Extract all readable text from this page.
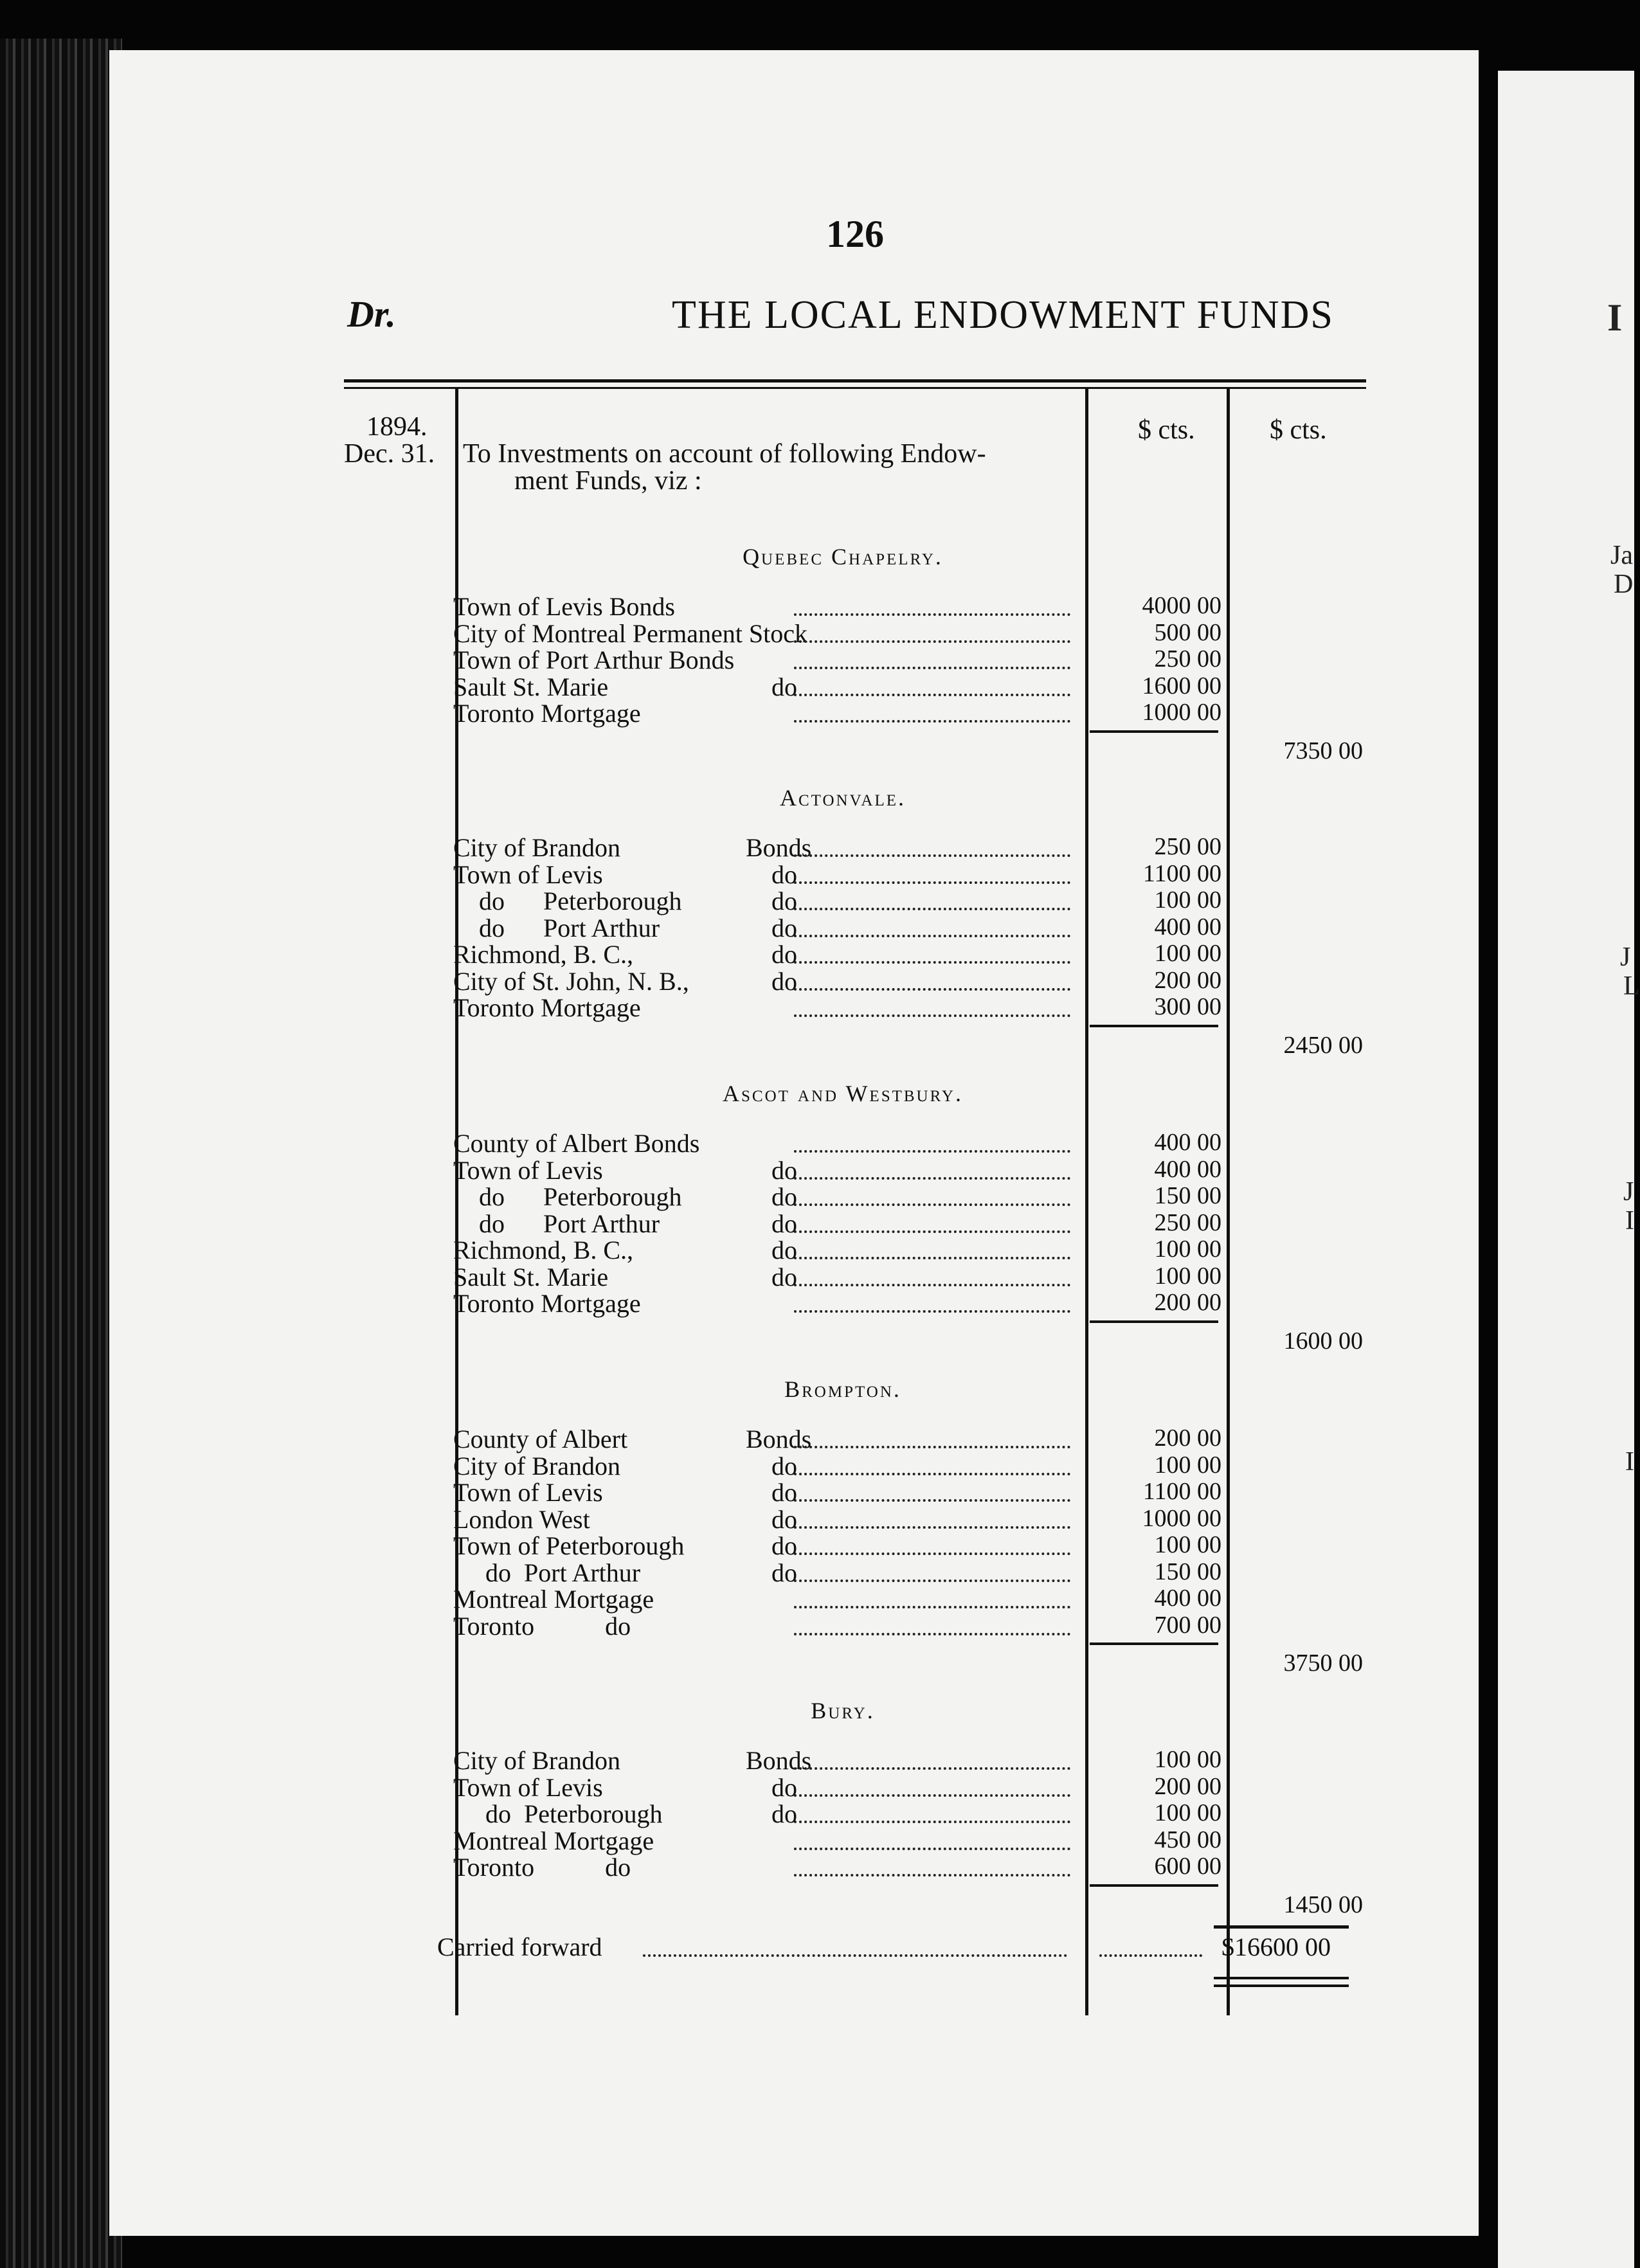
I
Ja
D
J
L
J
I
I
126
Dr.	THE LOCAL ENDOWMENT FUNDS
1894.
Dec. 31. To Investments on account of following Endow-
ment Funds, viz :
$ cts.	$ cts.
Quebec Chapelry.
Town of Levis Bonds	4000 00
City of Montreal Permanent Stock	500 00
Town of Port Arthur Bonds	250 00
Sault St. Marie	do	1600 00
Toronto Mortgage	1000 00
7350 00
Actonvale.
City of Brandon	Bonds	250 00
Town of Levis	do	1100 00
do      Peterborough	do	100 00
do      Port Arthur	do	400 00
Richmond, B. C.,	do	100 00
City of St. John, N. B.,	do	200 00
Toronto Mortgage	300 00
2450 00
Ascot and Westbury.
County of Albert Bonds	400 00
Town of Levis	do	400 00
do      Peterborough	do	150 00
do      Port Arthur	do	250 00
Richmond, B. C.,	do	100 00
Sault St. Marie	do	100 00
Toronto Mortgage	200 00
1600 00
Brompton.
County of Albert	Bonds	200 00
City of Brandon	do	100 00
Town of Levis	do	1100 00
London West	do	1000 00
Town of Peterborough	do	100 00
do  Port Arthur	do	150 00
Montreal Mortgage	400 00
Toronto           do	700 00
3750 00
Bury.
City of Brandon	Bonds	100 00
Town of Levis	do	200 00
do  Peterborough	do	100 00
Montreal Mortgage	450 00
Toronto           do	600 00
1450 00
Carried forward	$16600 00
